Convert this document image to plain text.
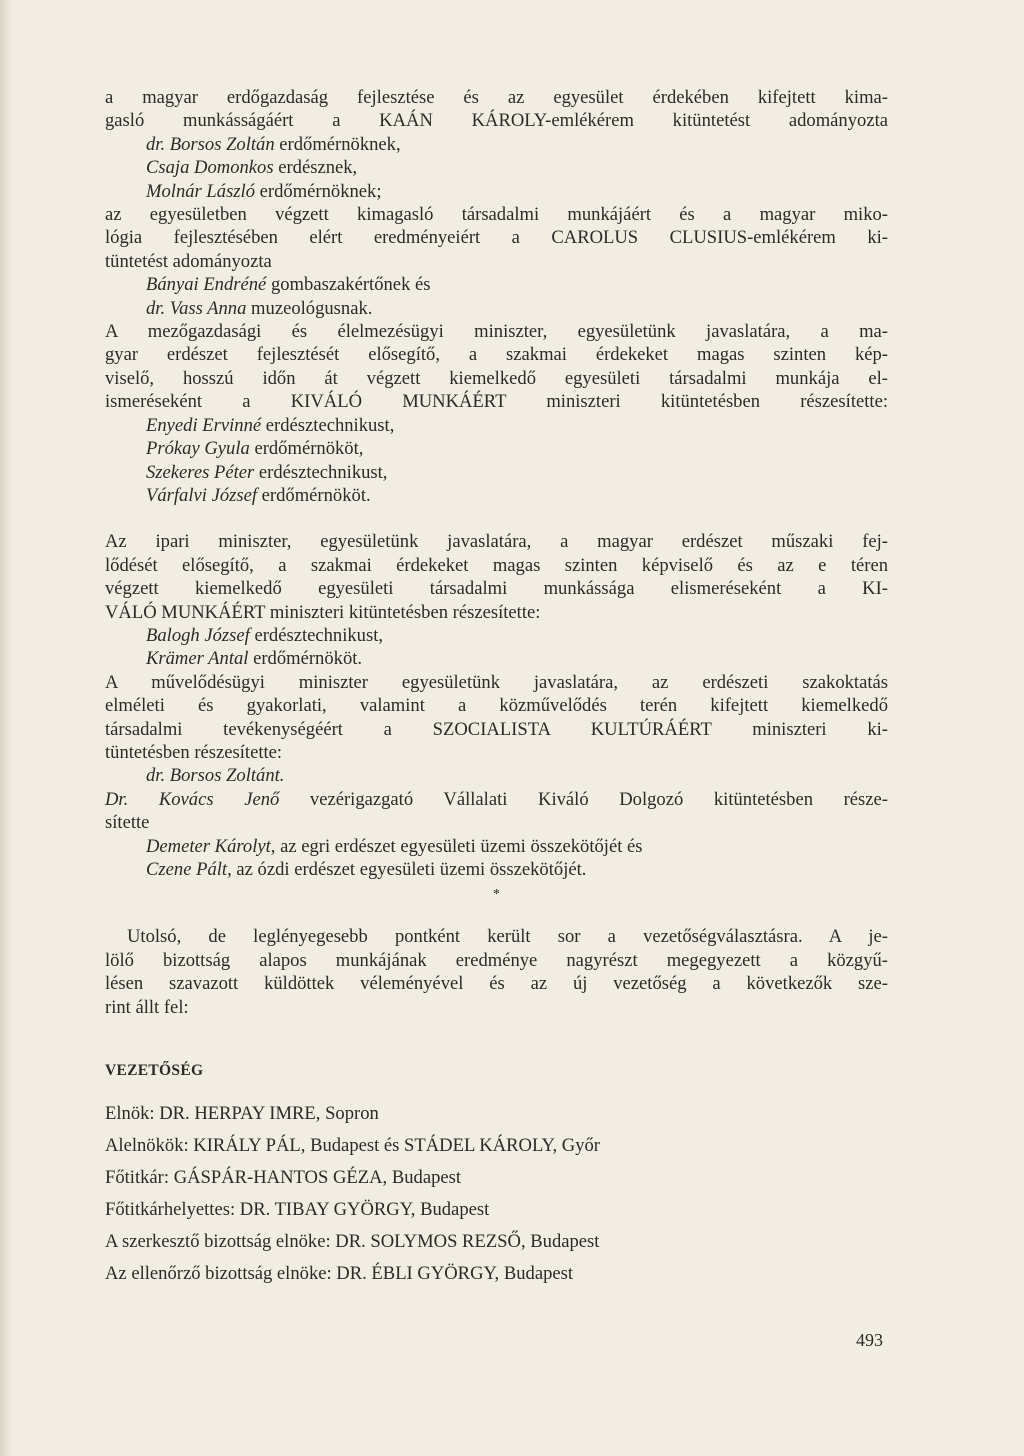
a magyar erdőgazdaság fejlesztése és az egyesület érdekében kifejtett kima-

gasló munkásságáért a KAÁN KÁROLY-emlékérem kitüntetést adományozta

dr. Borsos Zoltán erdőmérnöknek,

Csaja Domonkos erdésznek,

Molnár László erdőmérnöknek;

az egyesületben végzett kimagasló társadalmi munkájáért és a magyar miko-

lógia fejlesztésében elért eredményeiért a CAROLUS CLUSIUS-emlékérem ki-

tüntetést adományozta

Bányai Endréné gombaszakértőnek és

dr. Vass Anna muzeológusnak.

A mezőgazdasági és élelmezésügyi miniszter, egyesületünk javaslatára, a ma-

gyar erdészet fejlesztését elősegítő, a szakmai érdekeket magas szinten kép-

viselő, hosszú időn át végzett kiemelkedő egyesületi társadalmi munkája el-

ismeréseként a KIVÁLÓ MUNKÁÉRT miniszteri kitüntetésben részesítette:

Enyedi Ervinné erdésztechnikust,

Prókay Gyula erdőmérnököt,

Szekeres Péter erdésztechnikust,

Várfalvi József erdőmérnököt.

Az ipari miniszter, egyesületünk javaslatára, a magyar erdészet műszaki fej-

lődését elősegítő, a szakmai érdekeket magas szinten képviselő és az e téren

végzett kiemelkedő egyesületi társadalmi munkássága elismeréseként a KI-

VÁLÓ MUNKÁÉRT miniszteri kitüntetésben részesítette:

Balogh József erdésztechnikust,

Krämer Antal erdőmérnököt.

A művelődésügyi miniszter egyesületünk javaslatára, az erdészeti szakoktatás

elméleti és gyakorlati, valamint a közművelődés terén kifejtett kiemelkedő

társadalmi tevékenységéért a SZOCIALISTA KULTÚRÁÉRT miniszteri ki-

tüntetésben részesítette:

dr. Borsos Zoltánt.

Dr. Kovács Jenő vezérigazgató Vállalati Kiváló Dolgozó kitüntetésben része-

sítette

Demeter Károlyt, az egri erdészet egyesületi üzemi összekötőjét és

Czene Pált, az ózdi erdészet egyesületi üzemi összekötőjét.

*

Utolsó, de leglényegesebb pontként került sor a vezetőségválasztásra. A je-

lölő bizottság alapos munkájának eredménye nagyrészt megegyezett a közgyű-

lésen szavazott küldöttek véleményével és az új vezetőség a következők sze-

rint állt fel:

VEZETŐSÉG

Elnök: DR. HERPAY IMRE, Sopron

Alelnökök: KIRÁLY PÁL, Budapest és STÁDEL KÁROLY, Győr

Főtitkár: GÁSPÁR-HANTOS GÉZA, Budapest

Főtitkárhelyettes: DR. TIBAY GYÖRGY, Budapest

A szerkesztő bizottság elnöke: DR. SOLYMOS REZSŐ, Budapest

Az ellenőrző bizottság elnöke: DR. ÉBLI GYÖRGY, Budapest

493
